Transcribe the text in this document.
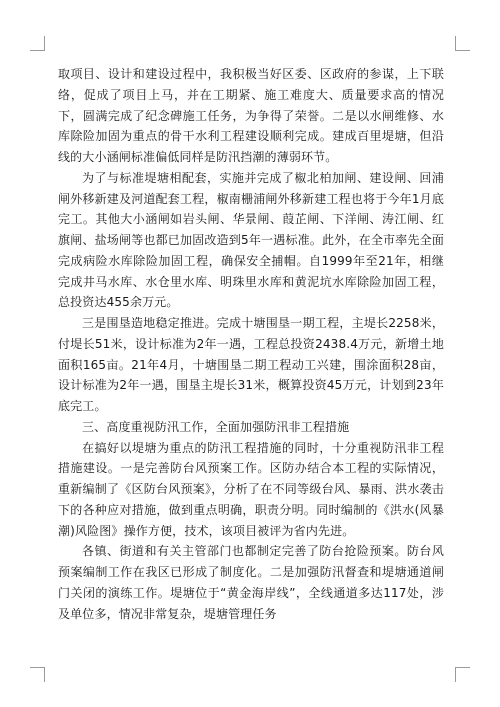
取项目、设计和建设过程中，我积极当好区委、区政府的参谋，上下联络，促成了项目上马，并在工期紧、施工难度大、质量要求高的情况下，圆满完成了纪念碑施工任务，为争得了荣誉。二是以水闸维修、水库除险加固为重点的骨干水利工程建设顺利完成。建成百里堤塘，但沿线的大小涵闸标准偏低同样是防汛挡潮的薄弱环节。

为了与标准堤塘相配套，实施并完成了椒北柏加闸、建设闸、回浦闸外移新建及河道配套工程，椒南栅浦闸外移新建工程也将于今年1月底完工。其他大小涵闸如岩头闸、华景闸、葭芷闸、下洋闸、涛江闸、红旗闸、盐场闸等也都已加固改造到5年一遇标准。此外，在全市率先全面完成病险水库除险加固工程，确保安全捕帽。自1999年至21年，相继完成井马水库、水仓里水库、明珠里水库和黄泥坑水库除险加固工程，总投资达455余万元。

三是围垦造地稳定推进。完成十塘围垦一期工程，主堤长2258米，付堤长51米，设计标准为2年一遇，工程总投资2438.4万元，新增土地面积165亩。21年4月，十塘围垦二期工程动工兴建，围涂面积28亩，设计标准为2年一遇，围垦主堤长31米，概算投资45万元，计划到23年底完工。

三、高度重视防汛工作，全面加强防汛非工程措施

在搞好以堤塘为重点的防汛工程措施的同时，十分重视防汛非工程措施建设。一是完善防台风预案工作。区防办结合本工程的实际情况，重新编制了《区防台风预案》，分析了在不同等级台风、暴雨、洪水袭击下的各种应对措施，做到重点明确，职责分明。同时编制的《洪水(风暴潮)风险图》操作方便，技术，该项目被评为省内先进。

各镇、街道和有关主管部门也都制定完善了防台抢险预案。防台风预案编制工作在我区已形成了制度化。二是加强防汛督查和堤塘通道闸门关闭的演练工作。堤塘位于“黄金海岸线”，全线通道多达117处，涉及单位多，情况非常复杂，堤塘管理任务
